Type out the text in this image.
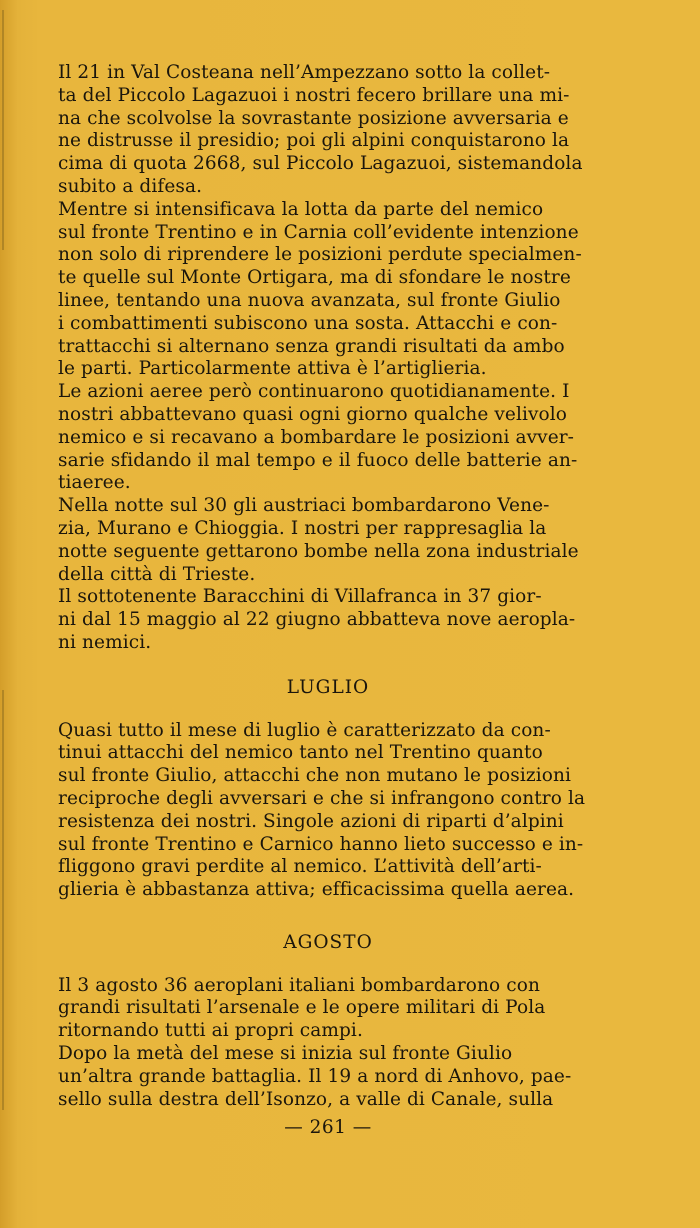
Il 21 in Val Costeana nell’Ampezzano sotto la collet-
ta del Piccolo Lagazuoi i nostri fecero brillare una mi-
na che scolvolse la sovrastante posizione avversaria e
ne distrusse il presidio; poi gli alpini conquistarono la
cima di quota 2668, sul Piccolo Lagazuoi, sistemandola
subito a difesa.

Mentre si intensificava la lotta da parte del nemico
sul fronte Trentino e in Carnia coll’evidente intenzione
non solo di riprendere le posizioni perdute specialmen-
te quelle sul Monte Ortigara, ma di sfondare le nostre
linee, tentando una nuova avanzata, sul fronte Giulio
i combattimenti subiscono una sosta. Attacchi e con-
trattacchi si alternano senza grandi risultati da ambo
le parti. Particolarmente attiva è l’artiglieria.

Le azioni aeree però continuarono quotidianamente. I
nostri abbattevano quasi ogni giorno qualche velivolo
nemico e si recavano a bombardare le posizioni avver-
sarie sfidando il mal tempo e il fuoco delle batterie an-
tiaeree.

Nella notte sul 30 gli austriaci bombardarono Vene-
zia, Murano e Chioggia. I nostri per rappresaglia la
notte seguente gettarono bombe nella zona industriale
della città di Trieste.

Il sottotenente Baracchini di Villafranca in 37 gior-
ni dal 15 maggio al 22 giugno abbatteva nove aeropla-
ni nemici.

LUGLIO

Quasi tutto il mese di luglio è caratterizzato da con-
tinui attacchi del nemico tanto nel Trentino quanto
sul fronte Giulio, attacchi che non mutano le posizioni
reciproche degli avversari e che si infrangono contro la
resistenza dei nostri. Singole azioni di riparti d’alpini
sul fronte Trentino e Carnico hanno lieto successo e in-
fliggono gravi perdite al nemico. L’attività dell’arti-
glieria è abbastanza attiva; efficacissima quella aerea.

AGOSTO

Il 3 agosto 36 aeroplani italiani bombardarono con
grandi risultati l’arsenale e le opere militari di Pola
ritornando tutti ai propri campi.

Dopo la metà del mese si inizia sul fronte Giulio
un’altra grande battaglia. Il 19 a nord di Anhovo, pae-
sello sulla destra dell’Isonzo, a valle di Canale, sulla

— 261 —
